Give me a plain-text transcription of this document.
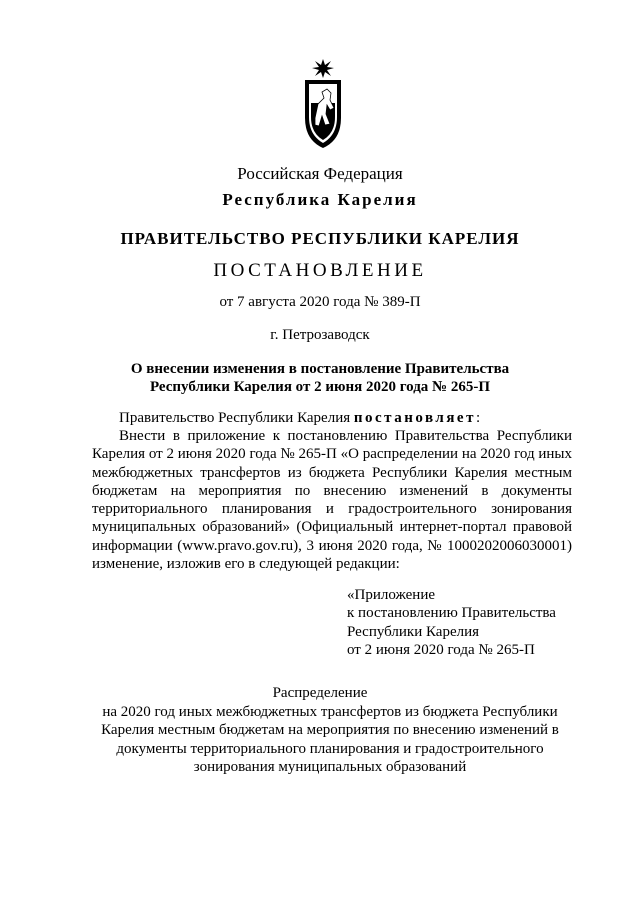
Российская Федерация
Республика Карелия
ПРАВИТЕЛЬСТВО РЕСПУБЛИКИ КАРЕЛИЯ
ПОСТАНОВЛЕНИЕ
от 7 августа 2020 года № 389-П
г. Петрозаводск
О внесении изменения в постановление Правительства
Республики Карелия от 2 июня 2020 года № 265-П
Правительство Республики Карелия постановляет:
Внести в приложение к постановлению Правительства Республики Карелия от 2 июня 2020 года № 265-П «О распределении на 2020 год иных межбюджетных трансфертов из бюджета Республики Карелия местным бюджетам на мероприятия по внесению изменений в документы территориального планирования и градостроительного зонирования муниципальных образований» (Официальный интернет-портал правовой информации (www.pravo.gov.ru), 3 июня 2020 года, № 1000202006030001) изменение, изложив его в следующей редакции:
«Приложение
к постановлению Правительства
Республики Карелия
от 2 июня 2020 года № 265-П
Распределение
на 2020 год иных межбюджетных трансфертов из бюджета Республики Карелия местным бюджетам на мероприятия по внесению изменений в документы территориального планирования и градостроительного зонирования муниципальных образований
